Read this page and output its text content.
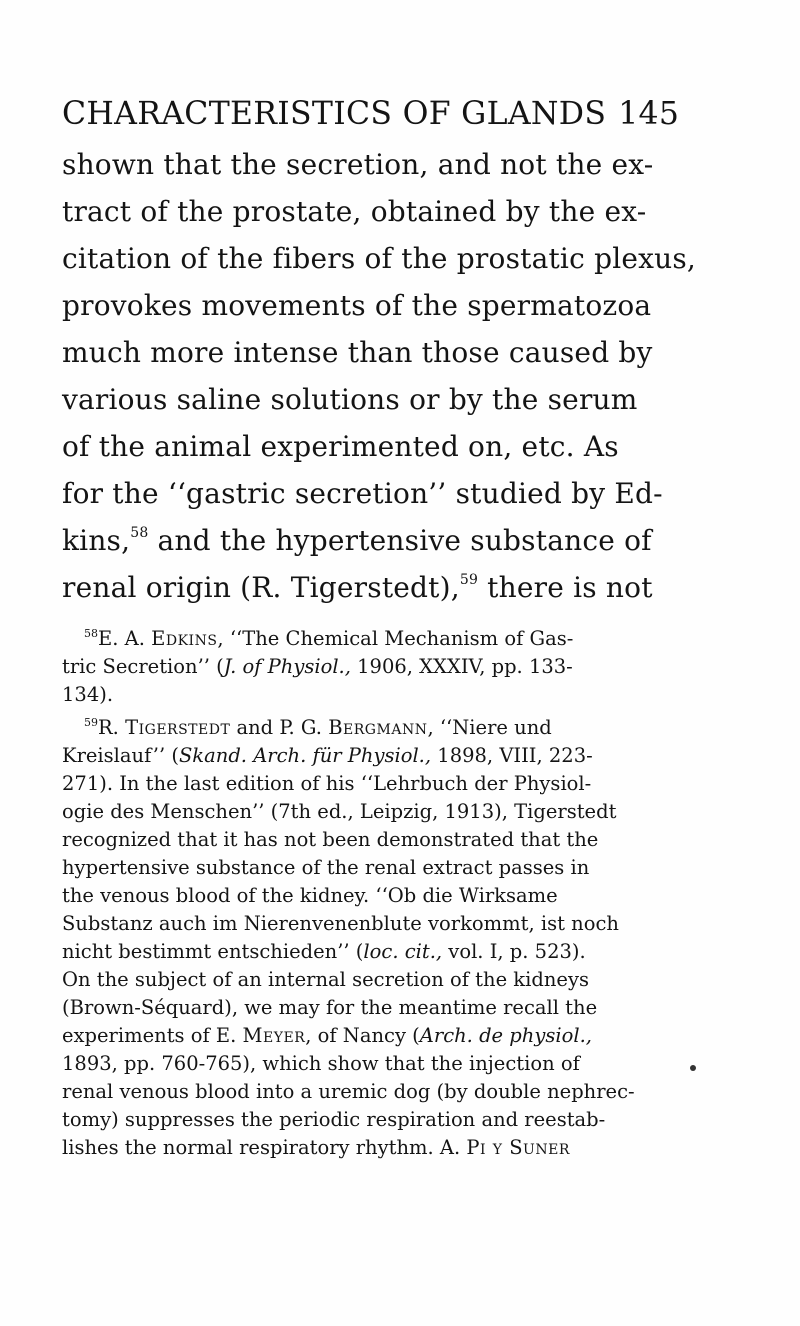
CHARACTERISTICS OF GLANDS 145
shown that the secretion, and not the ex-
tract of the prostate, obtained by the ex-
citation of the fibers of the prostatic plexus,
provokes movements of the spermatozoa
much more intense than those caused by
various saline solutions or by the serum
of the animal experimented on, etc. As
for the ‘‘gastric secretion’’ studied by Ed-
kins,$^{58}$ and the hypertensive substance of
renal origin (R. Tigerstedt),$^{59}$ there is not
$^{58}$E. A. Edkins, ‘‘The Chemical Mechanism of Gas-
tric Secretion’’ (J. of Physiol., 1906, XXXIV, pp. 133-
134).
$^{59}$R. Tigerstedt and P. G. Bergmann, ‘‘Niere und
Kreislauf’’ (Skand. Arch. für Physiol., 1898, VIII, 223-
271). In the last edition of his ‘‘Lehrbuch der Physiol-
ogie des Menschen’’ (7th ed., Leipzig, 1913), Tigerstedt
recognized that it has not been demonstrated that the
hypertensive substance of the renal extract passes in
the venous blood of the kidney. ‘‘Ob die Wirksame
Substanz auch im Nierenvenenblute vorkommt, ist noch
nicht bestimmt entschieden’’ (loc. cit., vol. I, p. 523).
On the subject of an internal secretion of the kidneys
(Brown-Séquard), we may for the meantime recall the
experiments of E. Meyer, of Nancy (Arch. de physiol.,
1893, pp. 760-765), which show that the injection of
renal venous blood into a uremic dog (by double nephrec-
tomy) suppresses the periodic respiration and reestab-
lishes the normal respiratory rhythm. A. Pi y Suner
